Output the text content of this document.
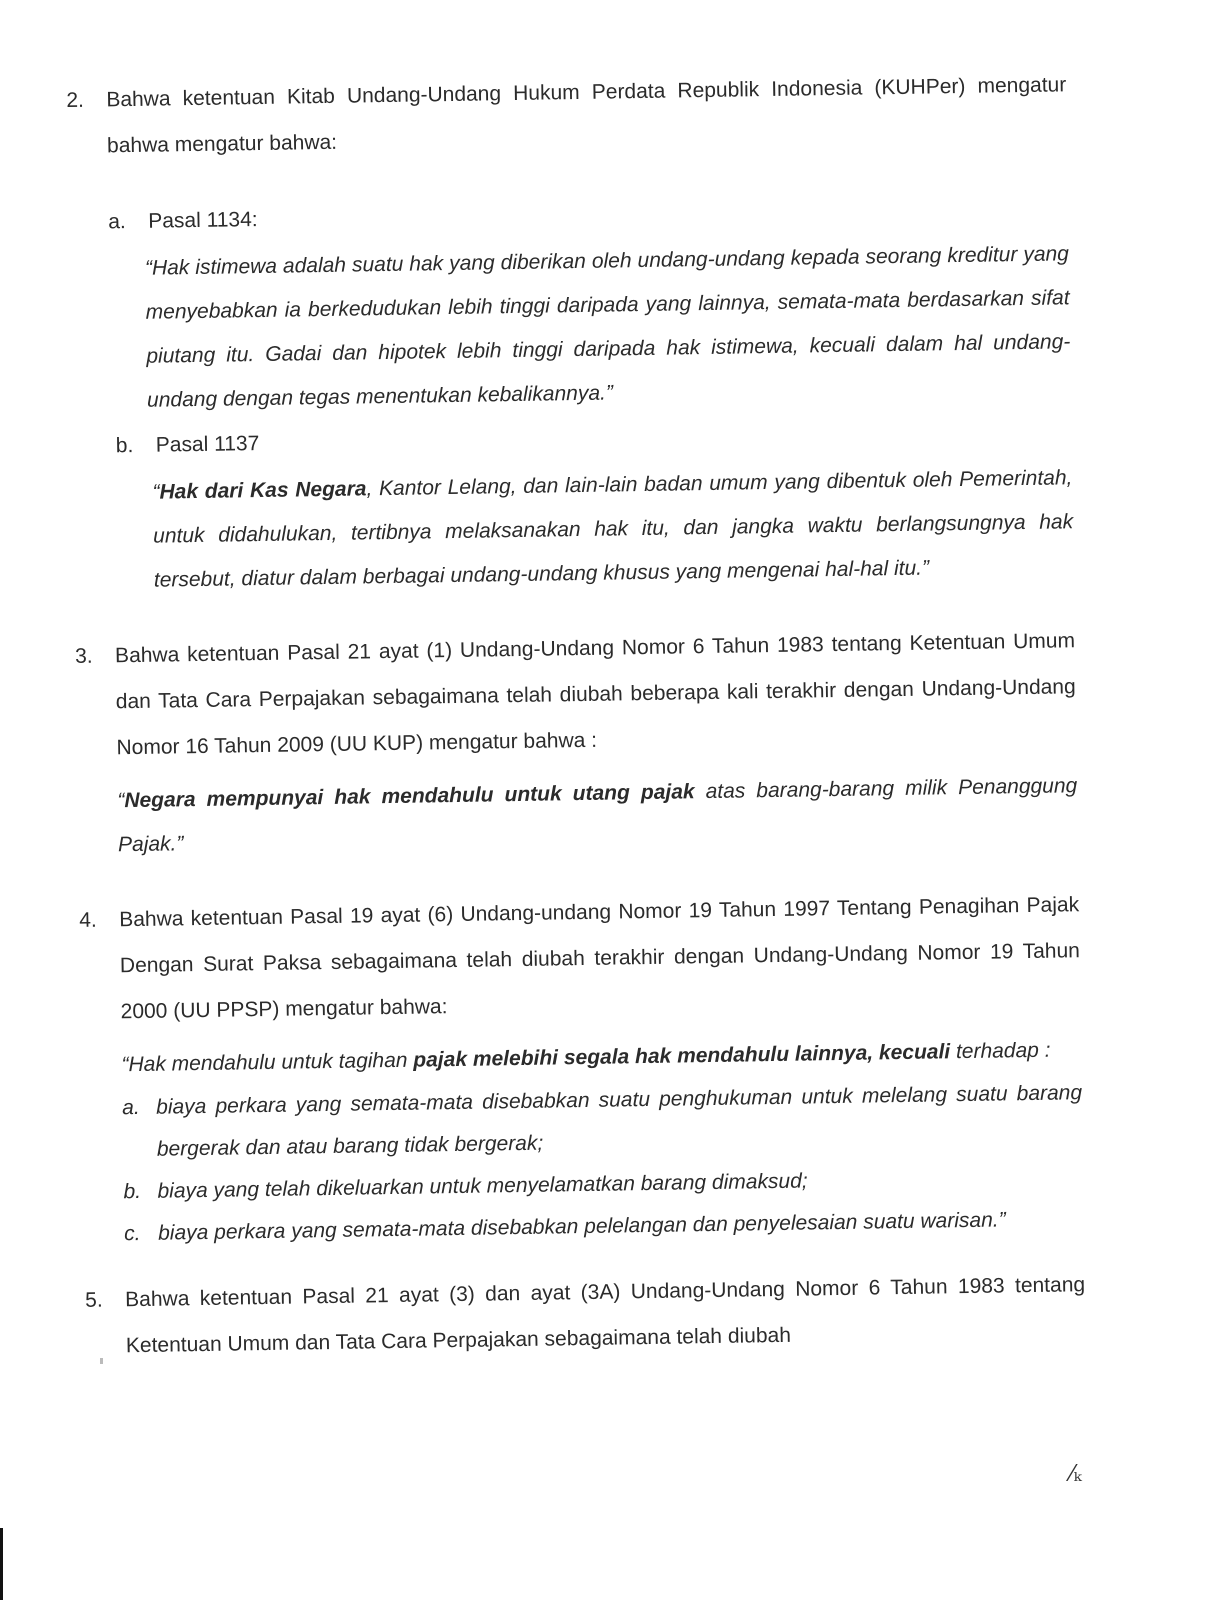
2. Bahwa ketentuan Kitab Undang-Undang Hukum Perdata Republik Indonesia (KUHPer) mengatur bahwa mengatur bahwa:
a. Pasal 1134:
“Hak istimewa adalah suatu hak yang diberikan oleh undang-undang kepada seorang kreditur yang menyebabkan ia berkedudukan lebih tinggi daripada yang lainnya, semata-mata berdasarkan sifat piutang itu. Gadai dan hipotek lebih tinggi daripada hak istimewa, kecuali dalam hal undang-undang dengan tegas menentukan kebalikannya.”
b. Pasal 1137
“Hak dari Kas Negara, Kantor Lelang, dan lain-lain badan umum yang dibentuk oleh Pemerintah, untuk didahulukan, tertibnya melaksanakan hak itu, dan jangka waktu berlangsungnya hak tersebut, diatur dalam berbagai undang-undang khusus yang mengenai hal-hal itu.”
3. Bahwa ketentuan Pasal 21 ayat (1) Undang-Undang Nomor 6 Tahun 1983 tentang Ketentuan Umum dan Tata Cara Perpajakan sebagaimana telah diubah beberapa kali terakhir dengan Undang-Undang Nomor 16 Tahun 2009 (UU KUP) mengatur bahwa :
“Negara mempunyai hak mendahulu untuk utang pajak atas barang-barang milik Penanggung Pajak.”
4. Bahwa ketentuan Pasal 19 ayat (6) Undang-undang Nomor 19 Tahun 1997 Tentang Penagihan Pajak Dengan Surat Paksa sebagaimana telah diubah terakhir dengan Undang-Undang Nomor 19 Tahun 2000 (UU PPSP) mengatur bahwa:
“Hak mendahulu untuk tagihan pajak melebihi segala hak mendahulu lainnya, kecuali terhadap :
a. biaya perkara yang semata-mata disebabkan suatu penghukuman untuk melelang suatu barang bergerak dan atau barang tidak bergerak;
b. biaya yang telah dikeluarkan untuk menyelamatkan barang dimaksud;
c. biaya perkara yang semata-mata disebabkan pelelangan dan penyelesaian suatu warisan.”
5. Bahwa ketentuan Pasal 21 ayat (3) dan ayat (3A) Undang-Undang Nomor 6 Tahun 1983 tentang Ketentuan Umum dan Tata Cara Perpajakan sebagaimana telah diubah
⁄ₖ
